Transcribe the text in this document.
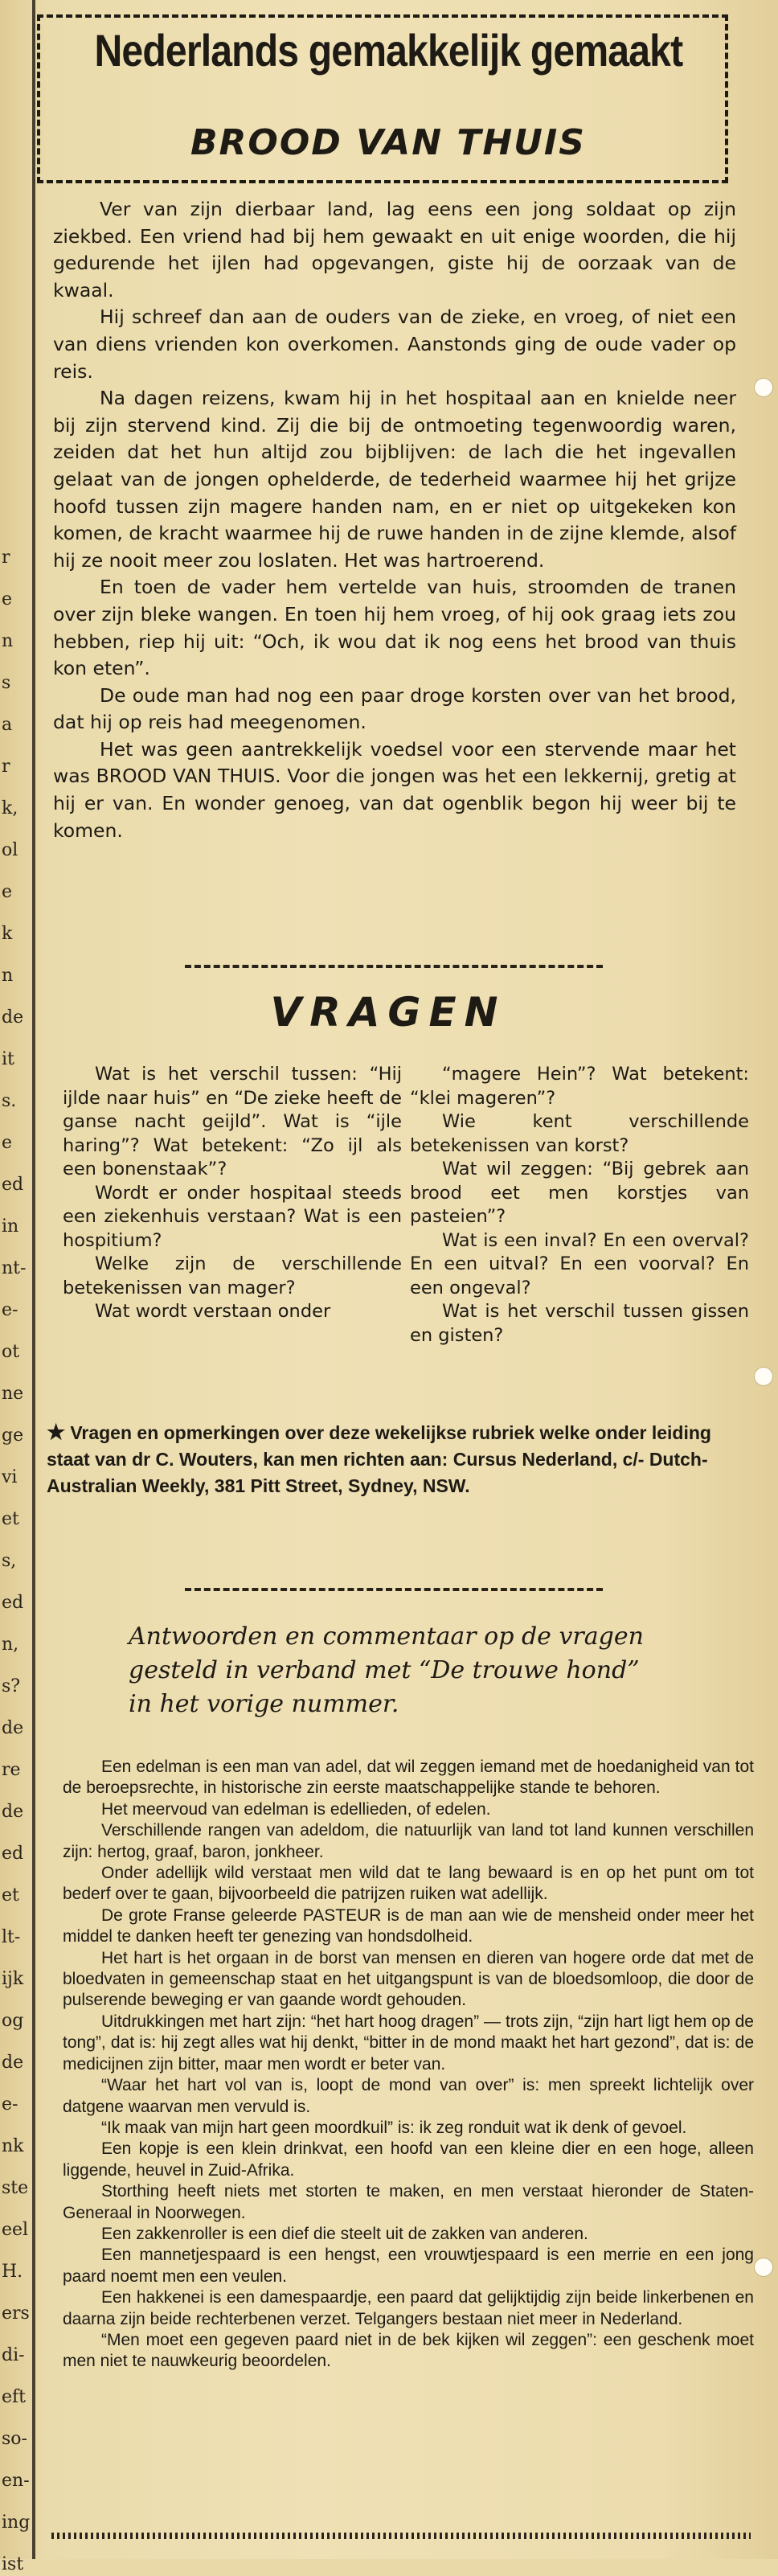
r
e
n
s
a
r
k,
ol
e
k
n
de
it
s.
e
ed
in
nt-
e-
ot
ne
ge
vi
et
s,
ed
n,
s?
de
re
de
ed
et
lt-
ijk
og
de
e-
nk
ste
eel
H.
ers
di-
eft
so-
en-
ing
ist
Nederlands gemakkelijk gemaakt
BROOD VAN THUIS

Ver van zijn dierbaar land, lag eens een jong soldaat op zijn ziekbed. Een vriend had bij hem gewaakt en uit enige woorden, die hij gedurende het ijlen had opgevangen, giste hij de oorzaak van de kwaal.

Hij schreef dan aan de ouders van de zieke, en vroeg, of niet een van diens vrienden kon overkomen. Aanstonds ging de oude vader op reis.

Na dagen reizens, kwam hij in het hospitaal aan en knielde neer bij zijn stervend kind. Zij die bij de ontmoeting tegenwoordig waren, zeiden dat het hun altijd zou bijblijven: de lach die het ingevallen gelaat van de jongen ophelderde, de tederheid waarmee hij het grijze hoofd tussen zijn magere handen nam, en er niet op uitgekeken kon komen, de kracht waarmee hij de ruwe handen in de zijne klemde, alsof hij ze nooit meer zou loslaten. Het was hartroerend.

En toen de vader hem vertelde van huis, stroomden de tranen over zijn bleke wangen. En toen hij hem vroeg, of hij ook graag iets zou hebben, riep hij uit: “Och, ik wou dat ik nog eens het brood van thuis kon eten”.

De oude man had nog een paar droge korsten over van het brood, dat hij op reis had meegenomen.

Het was geen aantrekkelijk voedsel voor een stervende maar het was BROOD VAN THUIS. Voor die jongen was het een lekkernij, gretig at hij er van. En wonder genoeg, van dat ogenblik begon hij weer bij te komen.

VRAGEN

Wat is het verschil tussen: “Hij ijlde naar huis” en “De zieke heeft de ganse nacht geijld”. Wat is “ijle haring”? Wat betekent: “Zo ijl als een bonenstaak”?

Wordt er onder hospitaal steeds een ziekenhuis verstaan? Wat is een hospitium?

Welke zijn de verschillende betekenissen van mager?

Wat wordt verstaan onder

“magere Hein”? Wat betekent: “klei mageren”?

Wie kent verschillende betekenissen van korst?

Wat wil zeggen: “Bij gebrek aan brood eet men korstjes van pasteien”?

Wat is een inval? En een overval? En een uitval? En een voorval? En een ongeval?

Wat is het verschil tussen gissen en gisten?

★ Vragen en opmerkingen over deze wekelijkse rubriek welke onder leiding staat van dr C. Wouters, kan men richten aan: Cursus Nederland, c/- Dutch-Australian Weekly, 381 Pitt Street, Sydney, NSW.
Antwoorden en commentaar op de vragen
gesteld in verband met “De trouwe hond”
in het vorige nummer.

Een edelman is een man van adel, dat wil zeggen iemand met de hoedanigheid van tot de beroepsrechte, in historische zin eerste maatschappelijke stande te behoren.

Het meervoud van edelman is edellieden, of edelen.

Verschillende rangen van adeldom, die natuurlijk van land tot land kunnen verschillen zijn: hertog, graaf, baron, jonkheer.

Onder adellijk wild verstaat men wild dat te lang bewaard is en op het punt om tot bederf over te gaan, bijvoorbeeld die patrijzen ruiken wat adellijk.

De grote Franse geleerde PASTEUR is de man aan wie de mensheid onder meer het middel te danken heeft ter genezing van hondsdolheid.

Het hart is het orgaan in de borst van mensen en dieren van hogere orde dat met de bloedvaten in gemeenschap staat en het uitgangspunt is van de bloedsomloop, die door de pulserende beweging er van gaande wordt gehouden.

Uitdrukkingen met hart zijn: “het hart hoog dragen” — trots zijn, “zijn hart ligt hem op de tong”, dat is: hij zegt alles wat hij denkt, “bitter in de mond maakt het hart gezond”, dat is: de medicijnen zijn bitter, maar men wordt er beter van.

“Waar het hart vol van is, loopt de mond van over” is: men spreekt lichtelijk over datgene waarvan men vervuld is.

“Ik maak van mijn hart geen moordkuil” is: ik zeg ronduit wat ik denk of gevoel.

Een kopje is een klein drinkvat, een hoofd van een kleine dier en een hoge, alleen liggende, heuvel in Zuid-Afrika.

Storthing heeft niets met storten te maken, en men verstaat hieronder de Staten-Generaal in Noorwegen.

Een zakkenroller is een dief die steelt uit de zakken van anderen.

Een mannetjespaard is een hengst, een vrouwtjespaard is een merrie en een jong paard noemt men een veulen.

Een hakkenei is een damespaardje, een paard dat gelijktijdig zijn beide linkerbenen en daarna zijn beide rechterbenen verzet. Telgangers bestaan niet meer in Nederland.

“Men moet een gegeven paard niet in de bek kijken wil zeggen”: een geschenk moet men niet te nauwkeurig beoordelen.
